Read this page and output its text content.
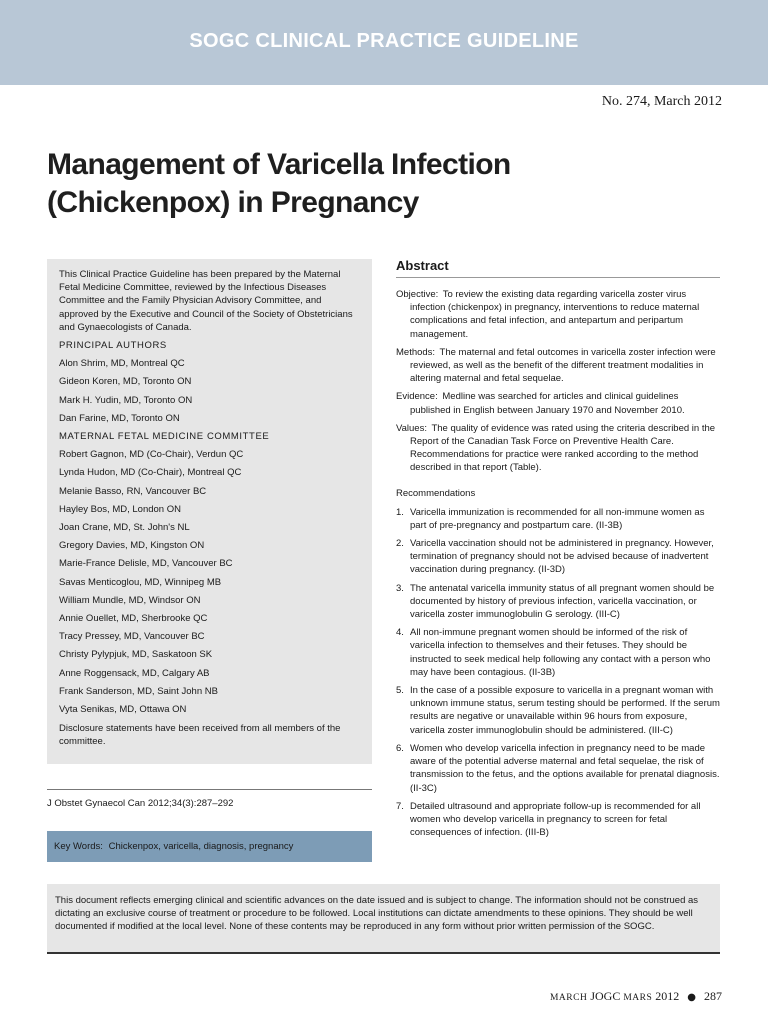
SOGC CLINICAL PRACTICE GUIDELINE
No. 274, March 2012
Management of Varicella Infection (Chickenpox) in Pregnancy

This Clinical Practice Guideline has been prepared by the Maternal Fetal Medicine Committee, reviewed by the Infectious Diseases Committee and the Family Physician Advisory Committee, and approved by the Executive and Council of the Society of Obstetricians and Gynaecologists of Canada.

PRINCIPAL AUTHORS

Alon Shrim, MD, Montreal QC

Gideon Koren, MD, Toronto ON

Mark H. Yudin, MD, Toronto ON

Dan Farine, MD, Toronto ON

MATERNAL FETAL MEDICINE COMMITTEE

Robert Gagnon, MD (Co-Chair), Verdun QC

Lynda Hudon, MD (Co-Chair), Montreal QC

Melanie Basso, RN, Vancouver BC

Hayley Bos, MD, London ON

Joan Crane, MD, St. John's NL

Gregory Davies, MD, Kingston ON

Marie-France Delisle, MD, Vancouver BC

Savas Menticoglou, MD, Winnipeg MB

William Mundle, MD, Windsor ON

Annie Ouellet, MD, Sherbrooke QC

Tracy Pressey, MD, Vancouver BC

Christy Pylypjuk, MD, Saskatoon SK

Anne Roggensack, MD, Calgary AB

Frank Sanderson, MD, Saint John NB

Vyta Senikas, MD, Ottawa ON

Disclosure statements have been received from all members of the committee.

J Obstet Gynaecol Can 2012;34(3):287–292
Key Words: Chickenpox, varicella, diagnosis, pregnancy
Abstract

Objective: To review the existing data regarding varicella zoster virus infection (chickenpox) in pregnancy, interventions to reduce maternal complications and fetal infection, and antepartum and peripartum management.

Methods: The maternal and fetal outcomes in varicella zoster infection were reviewed, as well as the benefit of the different treatment modalities in altering maternal and fetal sequelae.

Evidence: Medline was searched for articles and clinical guidelines published in English between January 1970 and November 2010.

Values: The quality of evidence was rated using the criteria described in the Report of the Canadian Task Force on Preventive Health Care. Recommendations for practice were ranked according to the method described in that report (Table).

Recommendations

1. Varicella immunization is recommended for all non-immune women as part of pre-pregnancy and postpartum care. (II-3B)
2. Varicella vaccination should not be administered in pregnancy. However, termination of pregnancy should not be advised because of inadvertent vaccination during pregnancy. (II-3D)
3. The antenatal varicella immunity status of all pregnant women should be documented by history of previous infection, varicella vaccination, or varicella zoster immunoglobulin G serology. (III-C)
4. All non-immune pregnant women should be informed of the risk of varicella infection to themselves and their fetuses. They should be instructed to seek medical help following any contact with a person who may have been contagious. (II-3B)
5. In the case of a possible exposure to varicella in a pregnant woman with unknown immune status, serum testing should be performed. If the serum results are negative or unavailable within 96 hours from exposure, varicella zoster immunoglobulin should be administered. (III-C)
6. Women who develop varicella infection in pregnancy need to be made aware of the potential adverse maternal and fetal sequelae, the risk of transmission to the fetus, and the options available for prenatal diagnosis. (II-3C)
7. Detailed ultrasound and appropriate follow-up is recommended for all women who develop varicella in pregnancy to screen for fetal consequences of infection. (III-B)
This document reflects emerging clinical and scientific advances on the date issued and is subject to change. The information should not be construed as dictating an exclusive course of treatment or procedure to be followed. Local institutions can dictate amendments to these opinions. They should be well documented if modified at the local level. None of these contents may be reproduced in any form without prior written permission of the SOGC.
MARCH JOGC MARS 2012 ● 287
